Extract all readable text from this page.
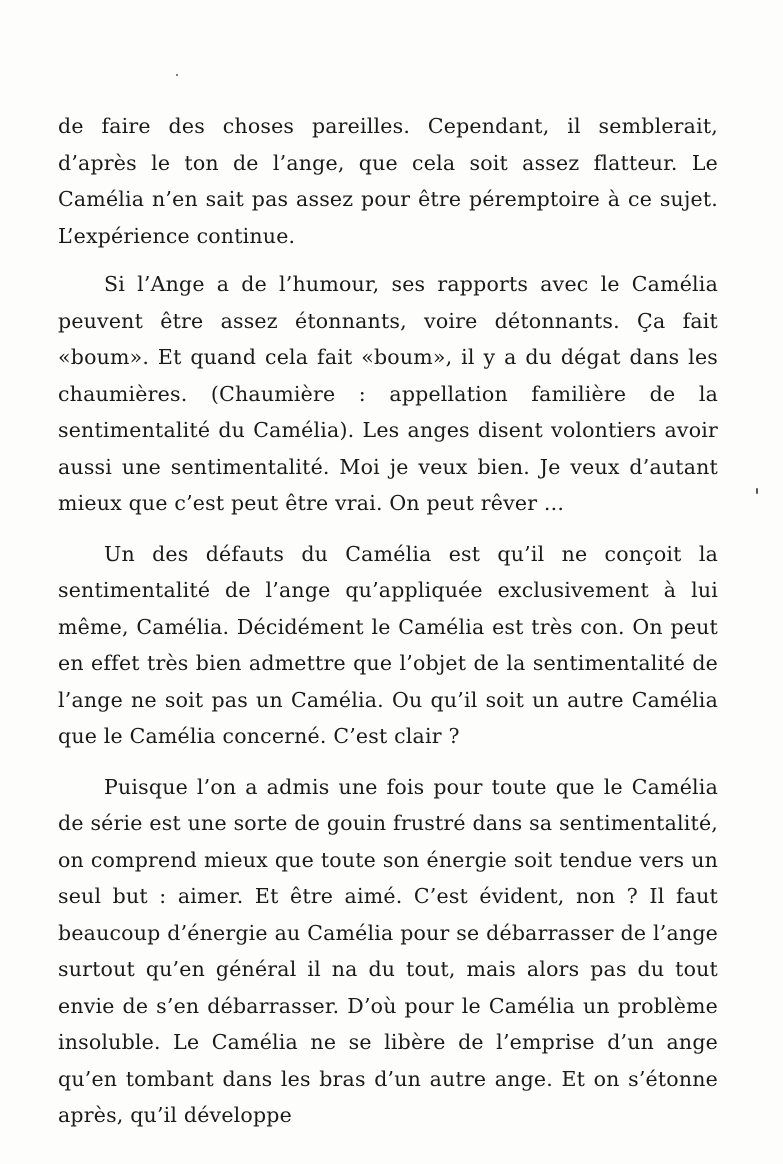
de faire des choses pareilles. Cependant, il semblerait, d’après le ton de l’ange, que cela soit assez flatteur. Le Camélia n’en sait pas assez pour être péremptoire à ce sujet. L’expérience continue.

Si l’Ange a de l’humour, ses rapports avec le Camélia peuvent être assez étonnants, voire détonnants. Ça fait «boum». Et quand cela fait «boum», il y a du dégat dans les chaumières. (Chaumière : appellation familière de la sentimentalité du Camélia). Les anges disent volontiers avoir aussi une sentimentalité. Moi je veux bien. Je veux d’autant mieux que c’est peut être vrai. On peut rêver ...

Un des défauts du Camélia est qu’il ne conçoit la sentimentalité de l’ange qu’appliquée exclusivement à lui même, Camélia. Décidément le Camélia est très con. On peut en effet très bien admettre que l’objet de la sentimentalité de l’ange ne soit pas un Camélia. Ou qu’il soit un autre Camélia que le Camélia concerné. C’est clair ?

Puisque l’on a admis une fois pour toute que le Camélia de série est une sorte de gouin frustré dans sa sentimentalité, on comprend mieux que toute son énergie soit tendue vers un seul but : aimer. Et être aimé. C’est évident, non ? Il faut beaucoup d’énergie au Camélia pour se débarrasser de l’ange surtout qu’en général il na du tout, mais alors pas du tout envie de s’en débarrasser. D’où pour le Camélia un problème insoluble. Le Camélia ne se libère de l’emprise d’un ange qu’en tombant dans les bras d’un autre ange. Et on s’étonne après, qu’il développe
